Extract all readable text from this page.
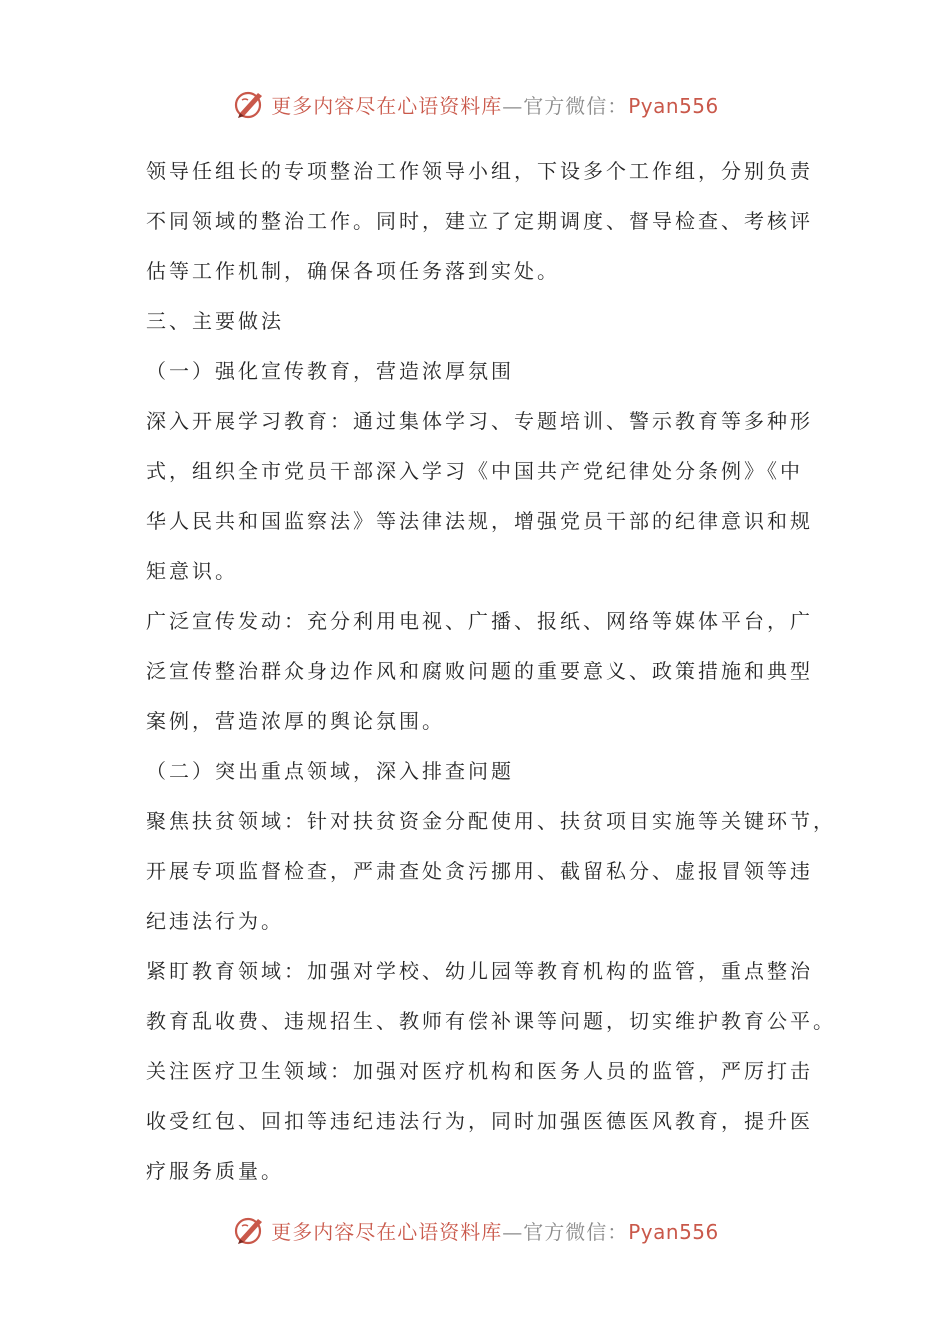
更多内容尽在心语资料库—官方微信：Pyan556
领导任组长的专项整治工作领导小组，下设多个工作组，分别负责
不同领域的整治工作。同时，建立了定期调度、督导检查、考核评
估等工作机制，确保各项任务落到实处。
三、主要做法
（一）强化宣传教育，营造浓厚氛围
深入开展学习教育：通过集体学习、专题培训、警示教育等多种形
式，组织全市党员干部深入学习《中国共产党纪律处分条例》《中
华人民共和国监察法》等法律法规，增强党员干部的纪律意识和规
矩意识。
广泛宣传发动：充分利用电视、广播、报纸、网络等媒体平台，广
泛宣传整治群众身边作风和腐败问题的重要意义、政策措施和典型
案例，营造浓厚的舆论氛围。
（二）突出重点领域，深入排查问题
聚焦扶贫领域：针对扶贫资金分配使用、扶贫项目实施等关键环节，
开展专项监督检查，严肃查处贪污挪用、截留私分、虚报冒领等违
纪违法行为。
紧盯教育领域：加强对学校、幼儿园等教育机构的监管，重点整治
教育乱收费、违规招生、教师有偿补课等问题，切实维护教育公平。
关注医疗卫生领域：加强对医疗机构和医务人员的监管，严厉打击
收受红包、回扣等违纪违法行为，同时加强医德医风教育，提升医
疗服务质量。
更多内容尽在心语资料库—官方微信：Pyan556
